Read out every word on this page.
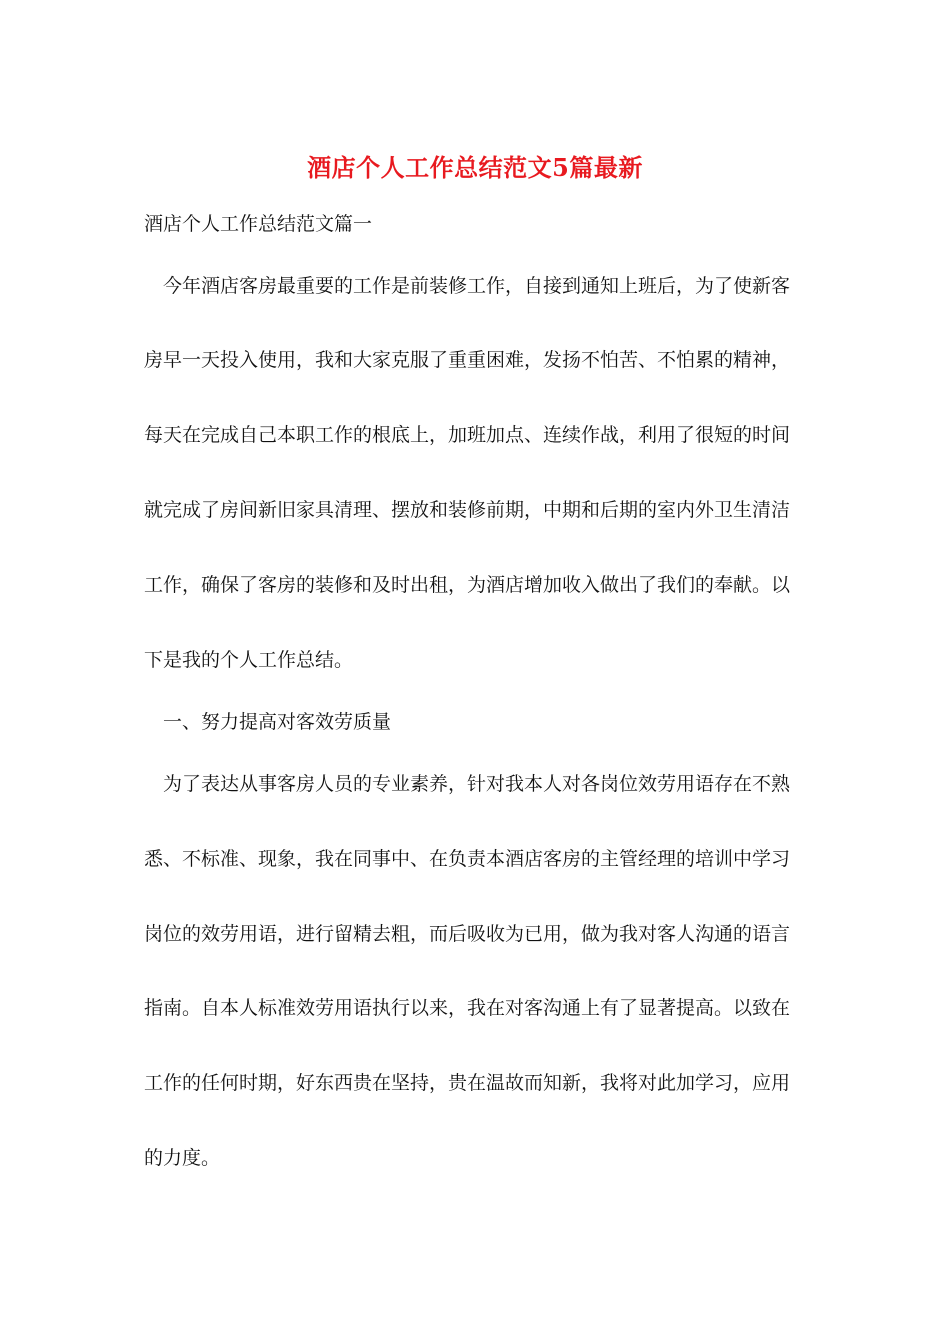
酒店个人工作总结范文5篇最新

酒店个人工作总结范文篇一

今年酒店客房最重要的工作是前装修工作，自接到通知上班后，为了使新客

房早一天投入使用，我和大家克服了重重困难，发扬不怕苦、不怕累的精神，

每天在完成自己本职工作的根底上，加班加点、连续作战，利用了很短的时间

就完成了房间新旧家具清理、摆放和装修前期，中期和后期的室内外卫生清洁

工作，确保了客房的装修和及时出租，为酒店增加收入做出了我们的奉献。以

下是我的个人工作总结。

一、努力提高对客效劳质量

为了表达从事客房人员的专业素养，针对我本人对各岗位效劳用语存在不熟

悉、不标准、现象，我在同事中、在负责本酒店客房的主管经理的培训中学习

岗位的效劳用语，进行留精去粗，而后吸收为已用，做为我对客人沟通的语言

指南。自本人标准效劳用语执行以来，我在对客沟通上有了显著提高。以致在

工作的任何时期，好东西贵在坚持，贵在温故而知新，我将对此加学习，应用

的力度。
